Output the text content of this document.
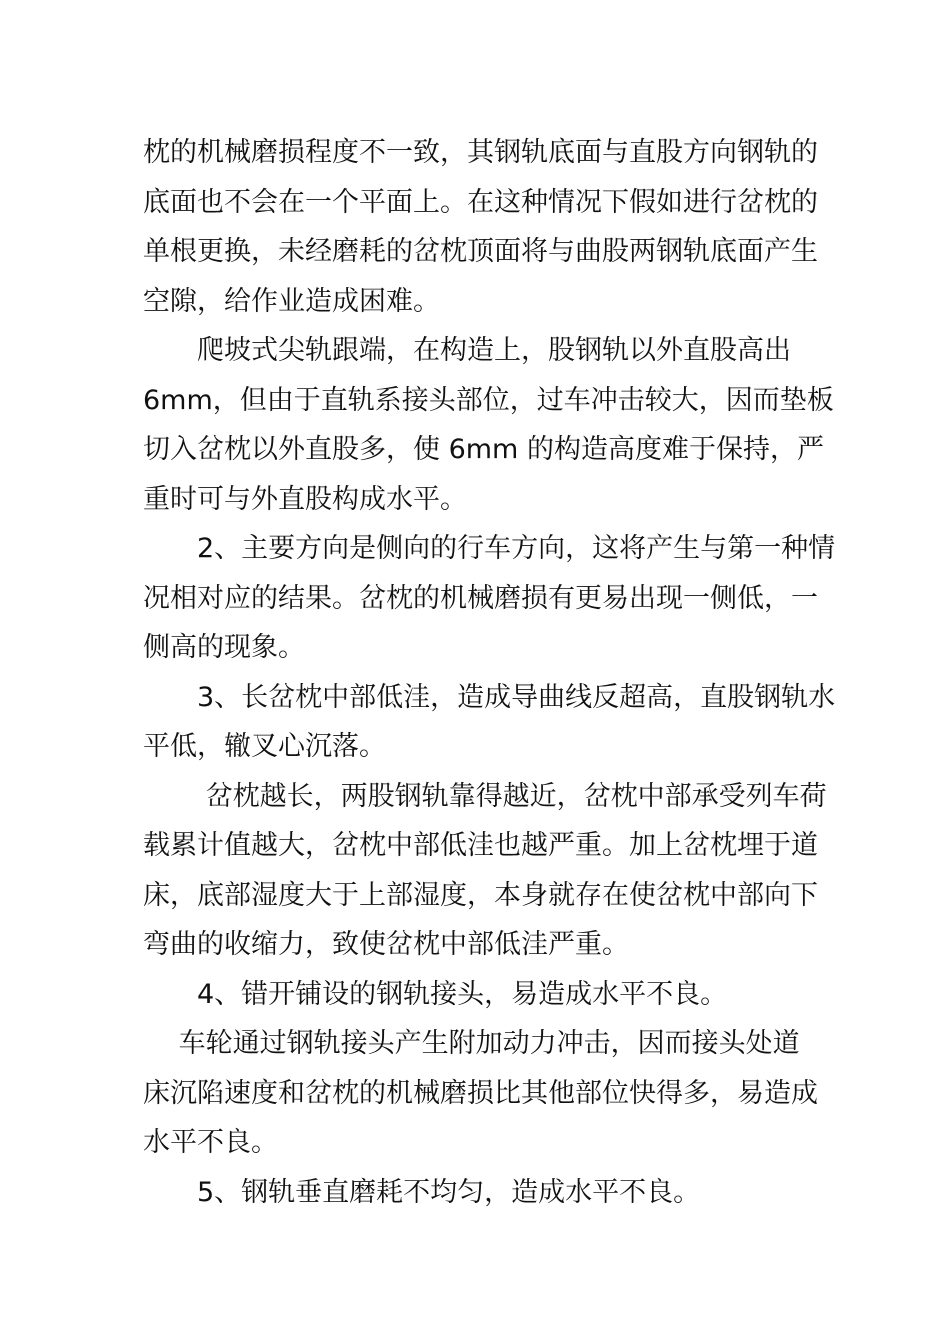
枕的机械磨损程度不一致，其钢轨底面与直股方向钢轨的
底面也不会在一个平面上。在这种情况下假如进行岔枕的
单根更换，未经磨耗的岔枕顶面将与曲股两钢轨底面产生
空隙，给作业造成困难。
　　爬坡式尖轨跟端，在构造上，股钢轨以外直股高出
6mm，但由于直轨系接头部位，过车冲击较大，因而垫板
切入岔枕以外直股多，使 6mm 的构造高度难于保持，严
重时可与外直股构成水平。
　　2、主要方向是侧向的行车方向，这将产生与第一种情
况相对应的结果。岔枕的机械磨损有更易出现一侧低，一
侧高的现象。
　　3、长岔枕中部低洼，造成导曲线反超高，直股钢轨水
平低，辙叉心沉落。
　　 岔枕越长，两股钢轨靠得越近，岔枕中部承受列车荷
载累计值越大，岔枕中部低洼也越严重。加上岔枕埋于道
床，底部湿度大于上部湿度，本身就存在使岔枕中部向下
弯曲的收缩力，致使岔枕中部低洼严重。
　　4、错开铺设的钢轨接头，易造成水平不良。
　 车轮通过钢轨接头产生附加动力冲击，因而接头处道
床沉陷速度和岔枕的机械磨损比其他部位快得多，易造成
水平不良。
　　5、钢轨垂直磨耗不均匀，造成水平不良。
